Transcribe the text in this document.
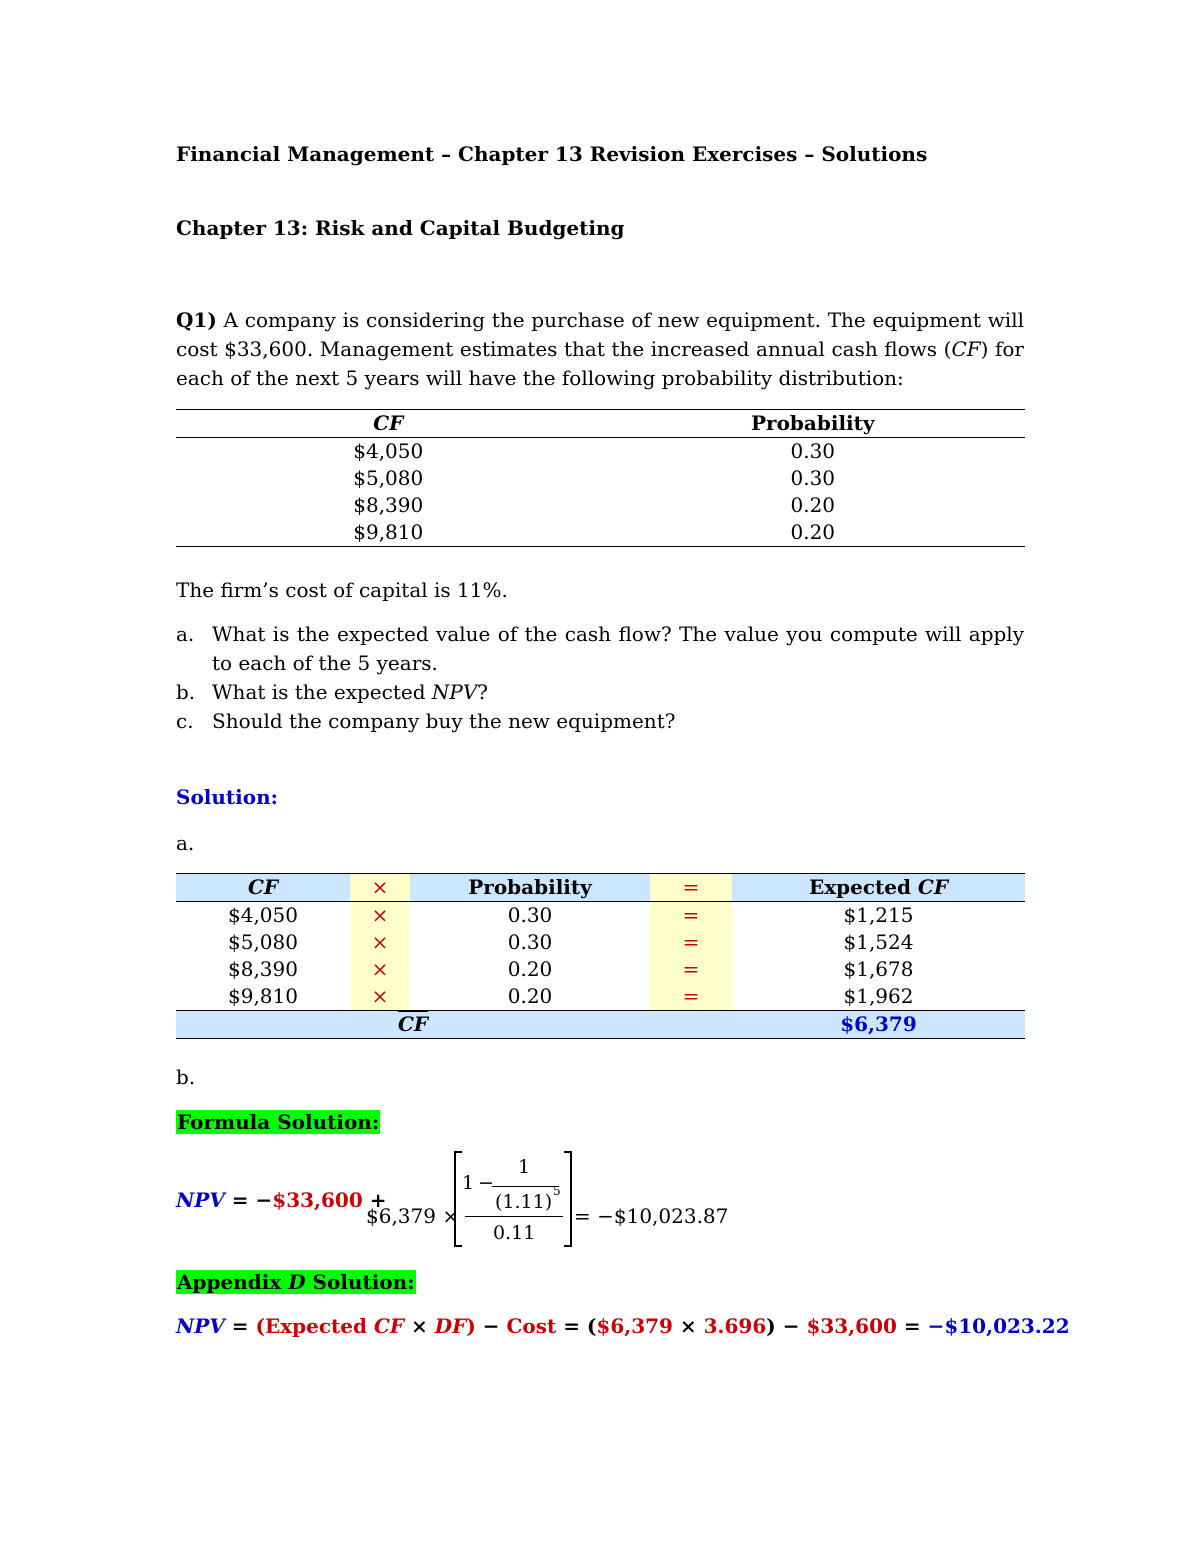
Financial Management – Chapter 13 Revision Exercises – Solutions
Chapter 13: Risk and Capital Budgeting
Q1) A company is considering the purchase of new equipment. The equipment will cost $33,600. Management estimates that the increased annual cash flows (CF) for each of the next 5 years will have the following probability distribution:
CF	Probability
$4,050	0.30
$5,080	0.30
$8,390	0.20
$9,810	0.20
The firm’s cost of capital is 11%.
a. What is the expected value of the cash flow? The value you compute will apply to each of the 5 years.
b. What is the expected NPV?
c. Should the company buy the new equipment?
Solution:
a.
CF	×	Probability	=	Expected CF
$4,050	×	0.30	=	$1,215
$5,080	×	0.30	=	$1,524
$8,390	×	0.20	=	$1,678
$9,810	×	0.20	=	$1,962
$\overline{CF}$				$6,379
b.
Formula Solution:
NPV = −$33,600 +
$6,379 ×
1 −
1
(1.11) 5
0.11
= −$10,023.87
Appendix D Solution:
NPV = (Expected CF × DF) − Cost = ($6,379 × 3.696) − $33,600 = −$10,023.22
